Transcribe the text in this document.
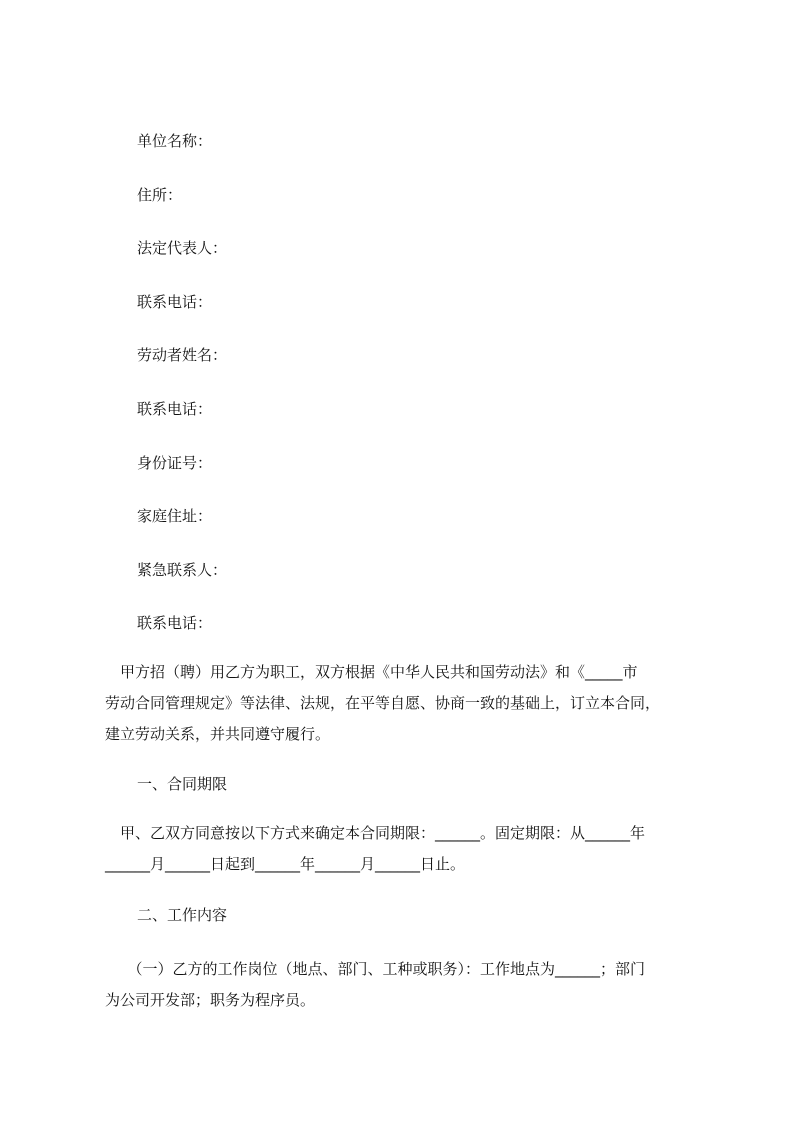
单位名称：
住所：
法定代表人：
联系电话：
劳动者姓名：
联系电话：
身份证号：
家庭住址：
紧急联系人：
联系电话：
　甲方招（聘）用乙方为职工，双方根据《中华人民共和国劳动法》和《_____市
劳动合同管理规定》等法律、法规，在平等自愿、协商一致的基础上，订立本合同，
建立劳动关系，并共同遵守履行。
一、合同期限
　甲、乙双方同意按以下方式来确定本合同期限：______。固定期限：从______年
______月______日起到______年______月______日止。
二、工作内容
　　（一）乙方的工作岗位（地点、部门、工种或职务）：工作地点为______；部门
为公司开发部；职务为程序员。
